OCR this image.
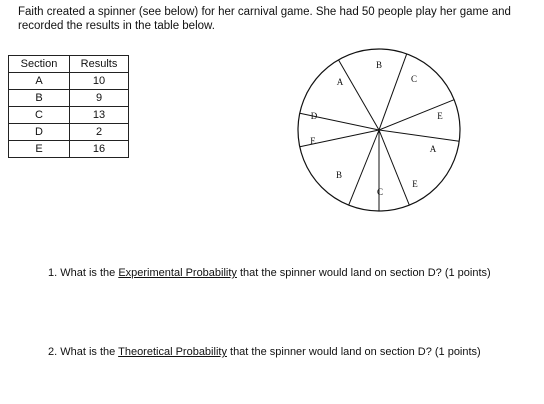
Faith created a spinner (see below) for her carnival game. She had 50 people play her game and recorded the results in the table below.

Section	Results
A	10
B	9
C	13
D	2
E	16
B
C
E
A
E
C
B
E
D
A

1. What is the Experimental Probability that the spinner would land on section D? (1 points)

2. What is the Theoretical Probability that the spinner would land on section D? (1 points)
